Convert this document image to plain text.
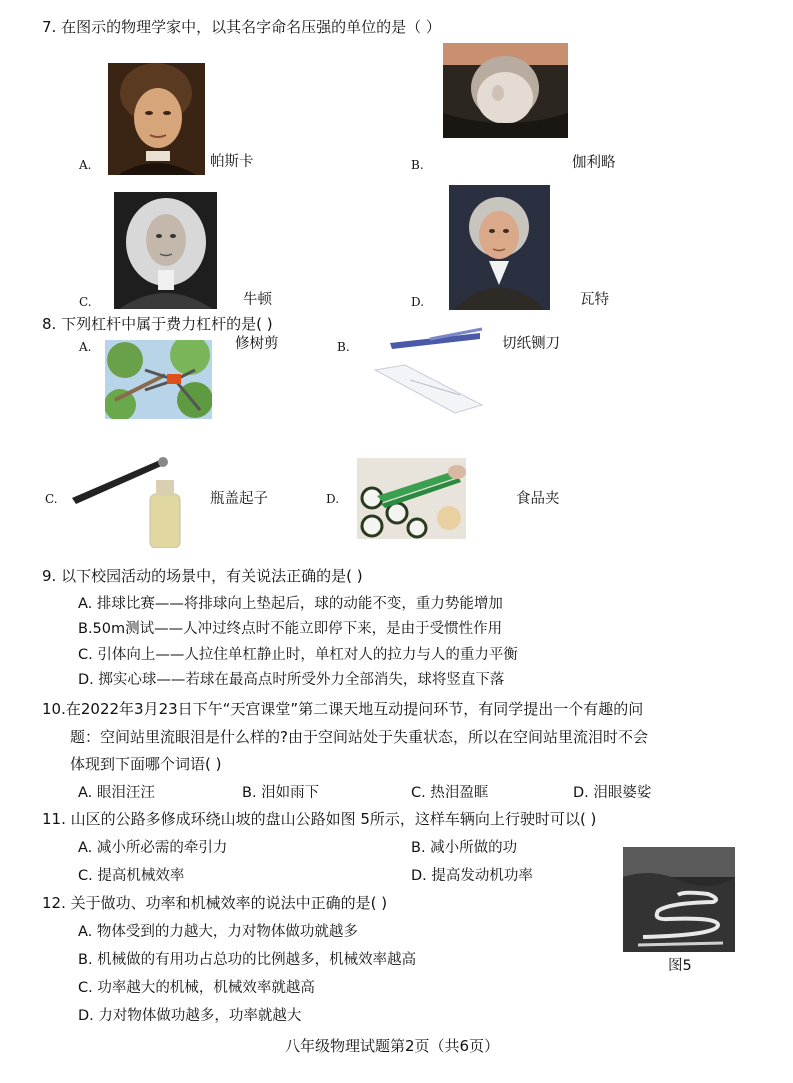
7. 在图示的物理学家中，以其名字命名压强的单位的是（ ）
A.	帕斯卡	B.	伽利略
C.	牛顿	D.	瓦特
8. 下列杠杆中属于费力杠杆的是( )
A.	修树剪	B.	切纸铡刀
C.	瓶盖起子	D.	食品夹
9. 以下校园活动的场景中，有关说法正确的是( )
A. 排球比赛——将排球向上垫起后，球的动能不变，重力势能增加
B.50m测试——人冲过终点时不能立即停下来，是由于受惯性作用
C. 引体向上——人拉住单杠静止时，单杠对人的拉力与人的重力平衡
D. 掷实心球——若球在最高点时所受外力全部消失，球将竖直下落
10.在2022年3月23日下午“天宫课堂”第二课天地互动提问环节，有同学提出一个有趣的问
题：空间站里流眼泪是什么样的?由于空间站处于失重状态，所以在空间站里流泪时不会
体现到下面哪个词语( )
A. 眼泪汪汪	B. 泪如雨下	C. 热泪盈眶	D. 泪眼婆娑
11. 山区的公路多修成环绕山坡的盘山公路如图 5所示，这样车辆向上行驶时可以( )
A. 减小所必需的牵引力	B. 减小所做的功
C. 提高机械效率	D. 提高发动机功率
图5
12. 关于做功、功率和机械效率的说法中正确的是( )
A. 物体受到的力越大，力对物体做功就越多
B. 机械做的有用功占总功的比例越多，机械效率越高
C. 功率越大的机械，机械效率就越高
D. 力对物体做功越多，功率就越大
八年级物理试题第2页（共6页）
